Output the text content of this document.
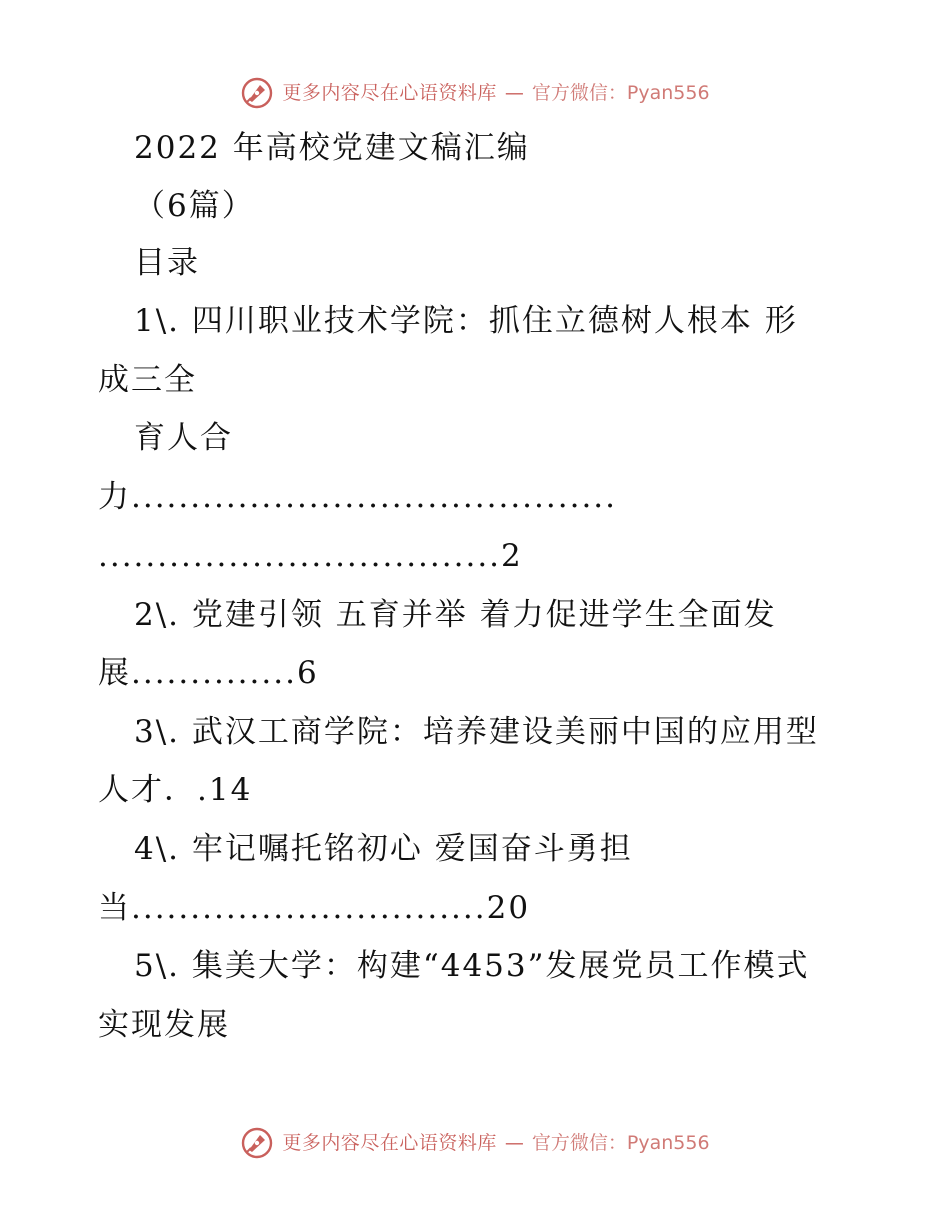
更多内容尽在心语资料库 — 官方微信：Pyan556
2022 年高校党建文稿汇编
（6篇）
目录
1\. 四川职业技术学院：抓住立德树人根本 形
成三全
育人合
力.........................................
..................................2
2\. 党建引领 五育并举 着力促进学生全面发
展..............6
3\. 武汉工商学院：培养建设美丽中国的应用型
人才．.14
4\. 牢记嘱托铭初心 爱国奋斗勇担
当..............................20
5\. 集美大学：构建“4453”发展党员工作模式
实现发展
更多内容尽在心语资料库 — 官方微信：Pyan556
